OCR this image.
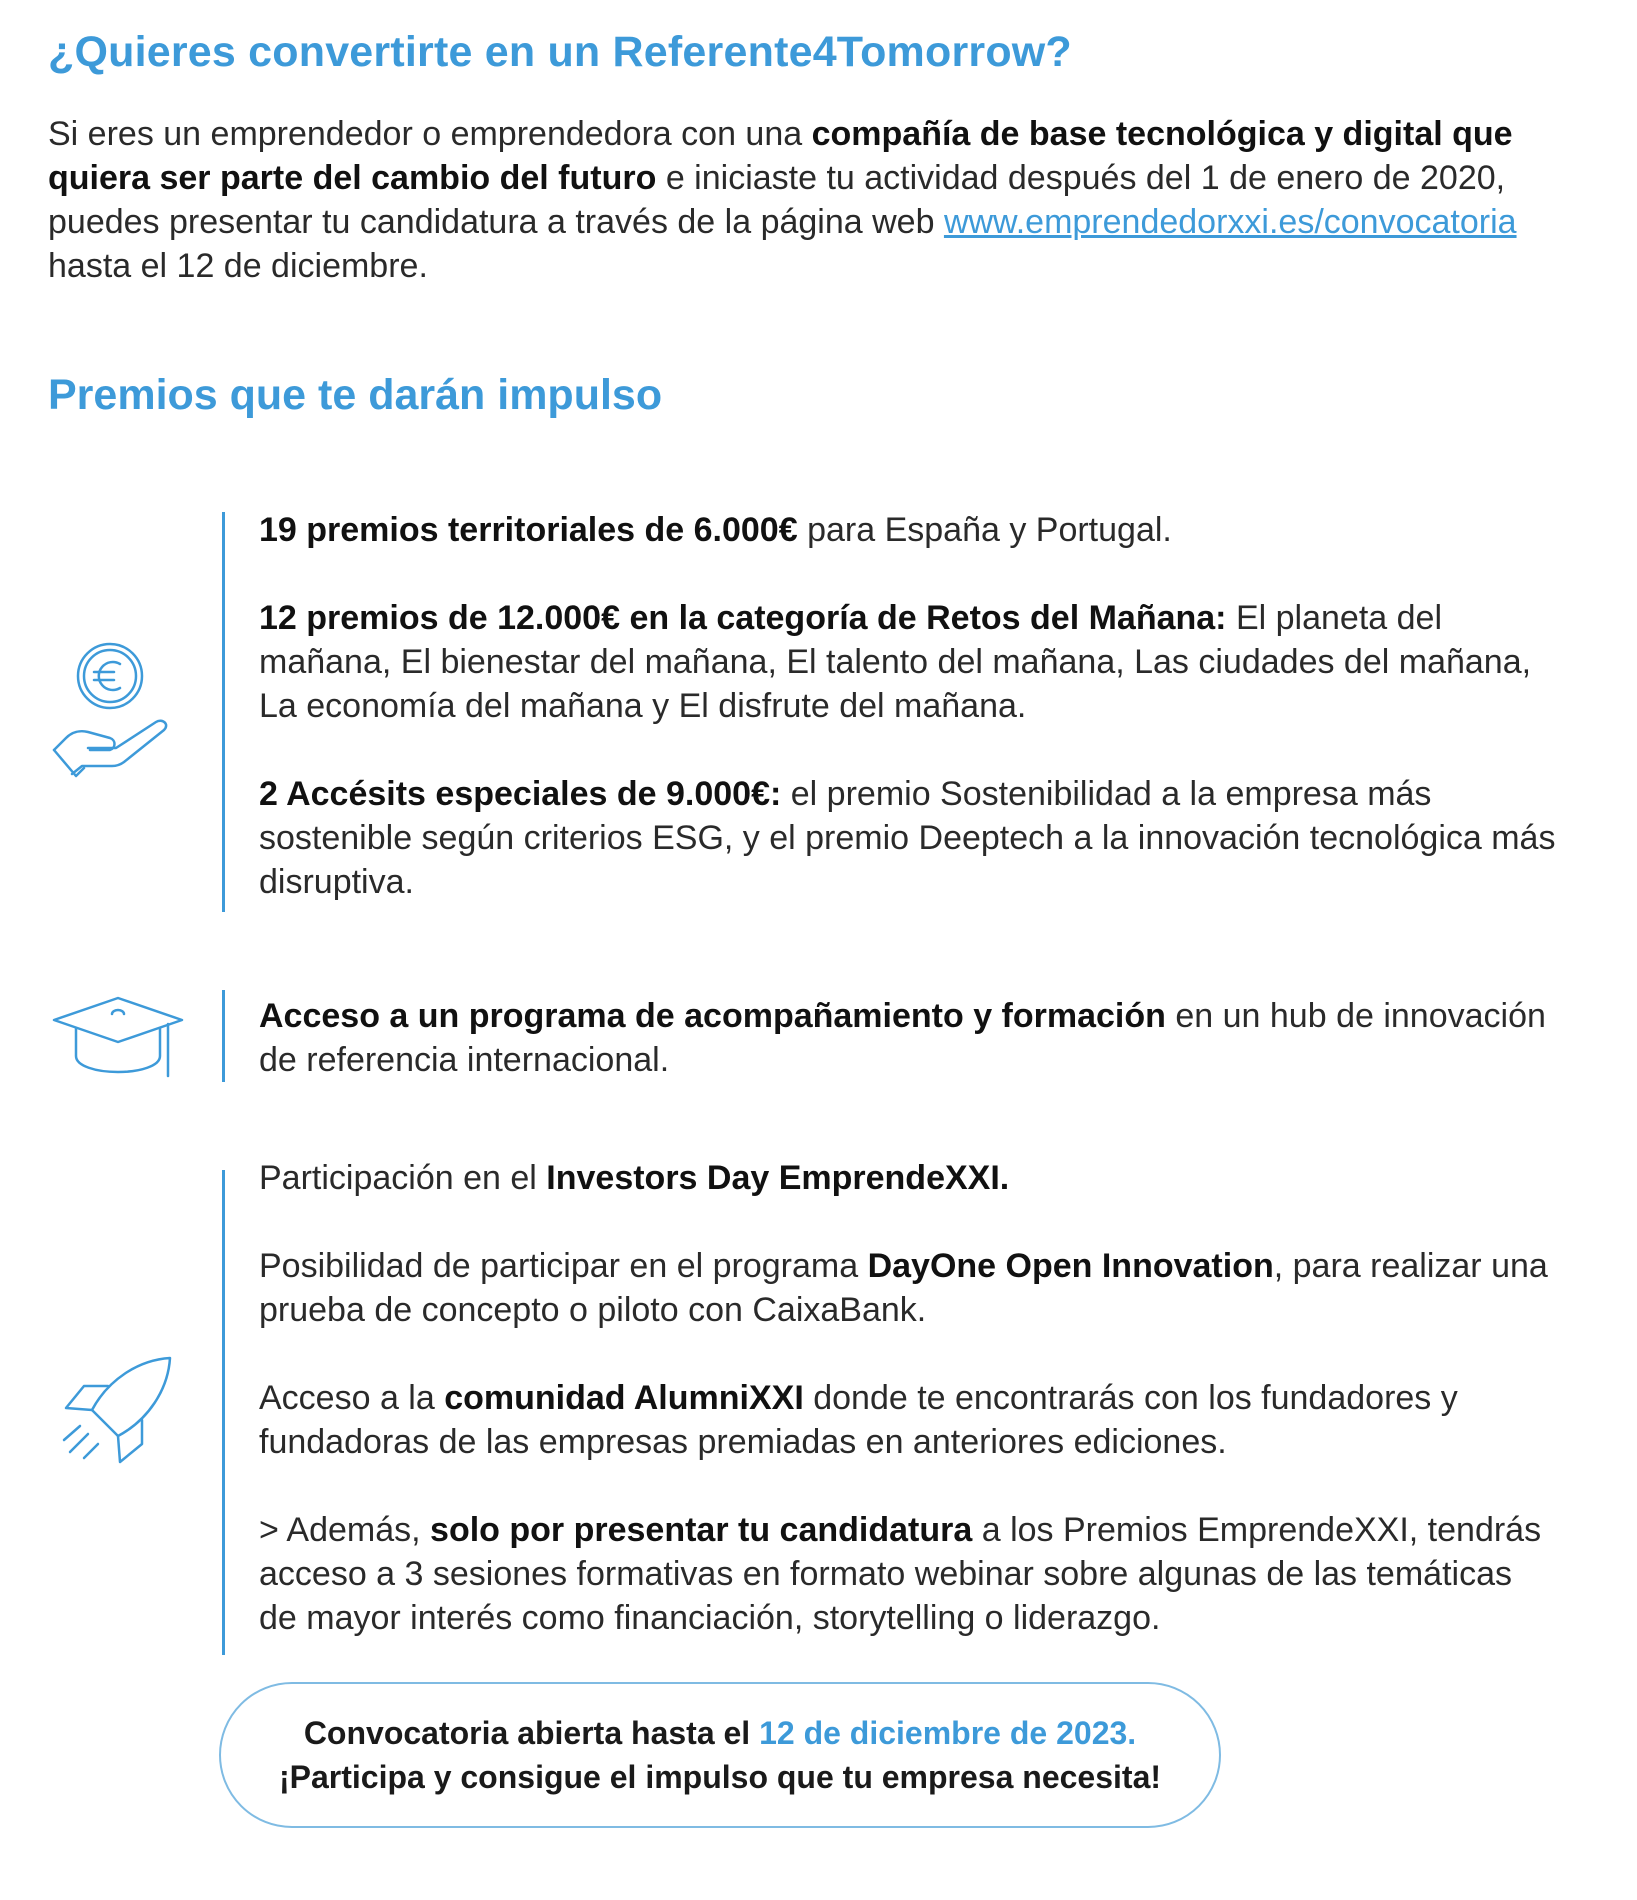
¿Quieres convertirte en un Referente4Tomorrow?
Si eres un emprendedor o emprendedora con una compañía de base tecnológica y digital que quiera ser parte del cambio del futuro e iniciaste tu actividad después del 1 de enero de 2020, puedes presentar tu candidatura a través de la página web www.emprendedorxxi.es/convocatoria hasta el 12 de diciembre.
Premios que te darán impulso

19 premios territoriales de 6.000€ para España y Portugal.

12 premios de 12.000€ en la categoría de Retos del Mañana: El planeta del mañana, El bienestar del mañana, El talento del mañana, Las ciudades del mañana, La economía del mañana y El disfrute del mañana.

2 Accésits especiales de 9.000€: el premio Sostenibilidad a la empresa más sostenible según criterios ESG, y el premio Deeptech a la innovación tecnológica más disruptiva.

Acceso a un programa de acompañamiento y formación en un hub de innovación de referencia internacional.

Participación en el Investors Day EmprendeXXI.

Posibilidad de participar en el programa DayOne Open Innovation, para realizar una prueba de concepto o piloto con CaixaBank.

Acceso a la comunidad AlumniXXI donde te encontrarás con los fundadores y fundadoras de las empresas premiadas en anteriores ediciones.

> Además, solo por presentar tu candidatura a los Premios EmprendeXXI, tendrás acceso a 3 sesiones formativas en formato webinar sobre algunas de las temáticas de mayor interés como financiación, storytelling o liderazgo.

Convocatoria abierta hasta el 12 de diciembre de 2023.
¡Participa y consigue el impulso que tu empresa necesita!
